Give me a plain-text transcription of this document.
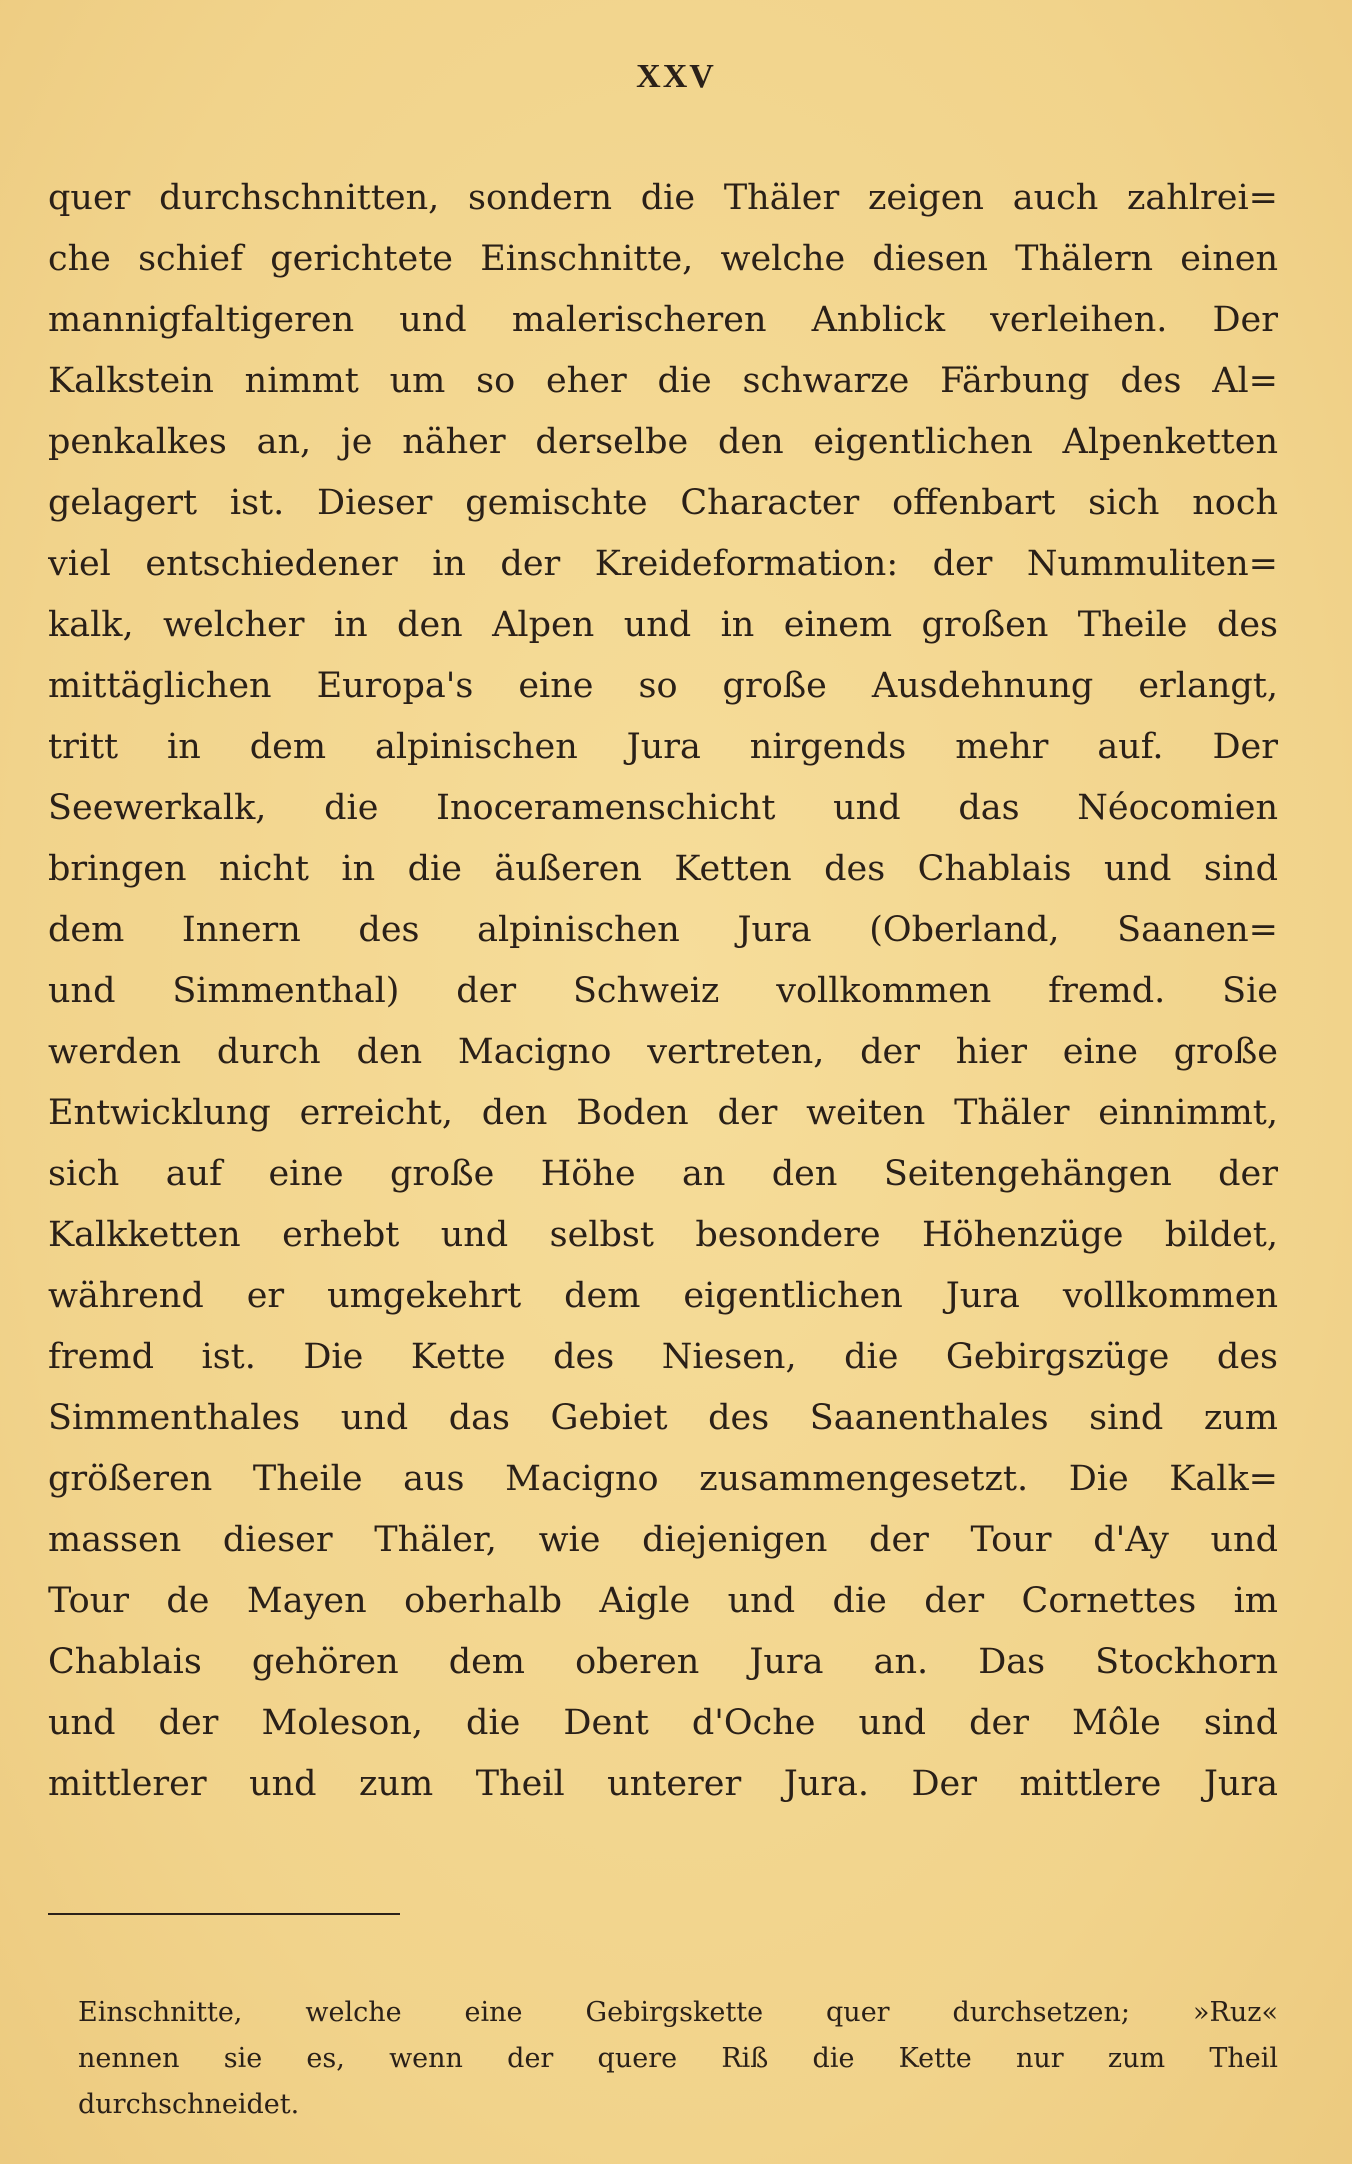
XXV
quer durchschnitten, sondern die Thäler zeigen auch zahlrei=
che schief gerichtete Einschnitte, welche diesen Thälern einen
mannigfaltigeren und malerischeren Anblick verleihen. Der
Kalkstein nimmt um so eher die schwarze Färbung des Al=
penkalkes an, je näher derselbe den eigentlichen Alpenketten
gelagert ist. Dieser gemischte Character offenbart sich noch
viel entschiedener in der Kreideformation: der Nummuliten=
kalk, welcher in den Alpen und in einem großen Theile des
mittäglichen Europa's eine so große Ausdehnung erlangt,
tritt in dem alpinischen Jura nirgends mehr auf. Der
Seewerkalk, die Inoceramenschicht und das Néocomien
bringen nicht in die äußeren Ketten des Chablais und sind
dem Innern des alpinischen Jura (Oberland, Saanen=
und Simmenthal) der Schweiz vollkommen fremd. Sie
werden durch den Macigno vertreten, der hier eine große
Entwicklung erreicht, den Boden der weiten Thäler einnimmt,
sich auf eine große Höhe an den Seitengehängen der
Kalkketten erhebt und selbst besondere Höhenzüge bildet,
während er umgekehrt dem eigentlichen Jura vollkommen
fremd ist. Die Kette des Niesen, die Gebirgszüge des
Simmenthales und das Gebiet des Saanenthales sind zum
größeren Theile aus Macigno zusammengesetzt. Die Kalk=
massen dieser Thäler, wie diejenigen der Tour d'Ay und
Tour de Mayen oberhalb Aigle und die der Cornettes im
Chablais gehören dem oberen Jura an. Das Stockhorn
und der Moleson, die Dent d'Oche und der Môle sind
mittlerer und zum Theil unterer Jura. Der mittlere Jura
Einschnitte, welche eine Gebirgskette quer durchsetzen; »Ruz«
nennen sie es, wenn der quere Riß die Kette nur zum Theil
durchschneidet.
